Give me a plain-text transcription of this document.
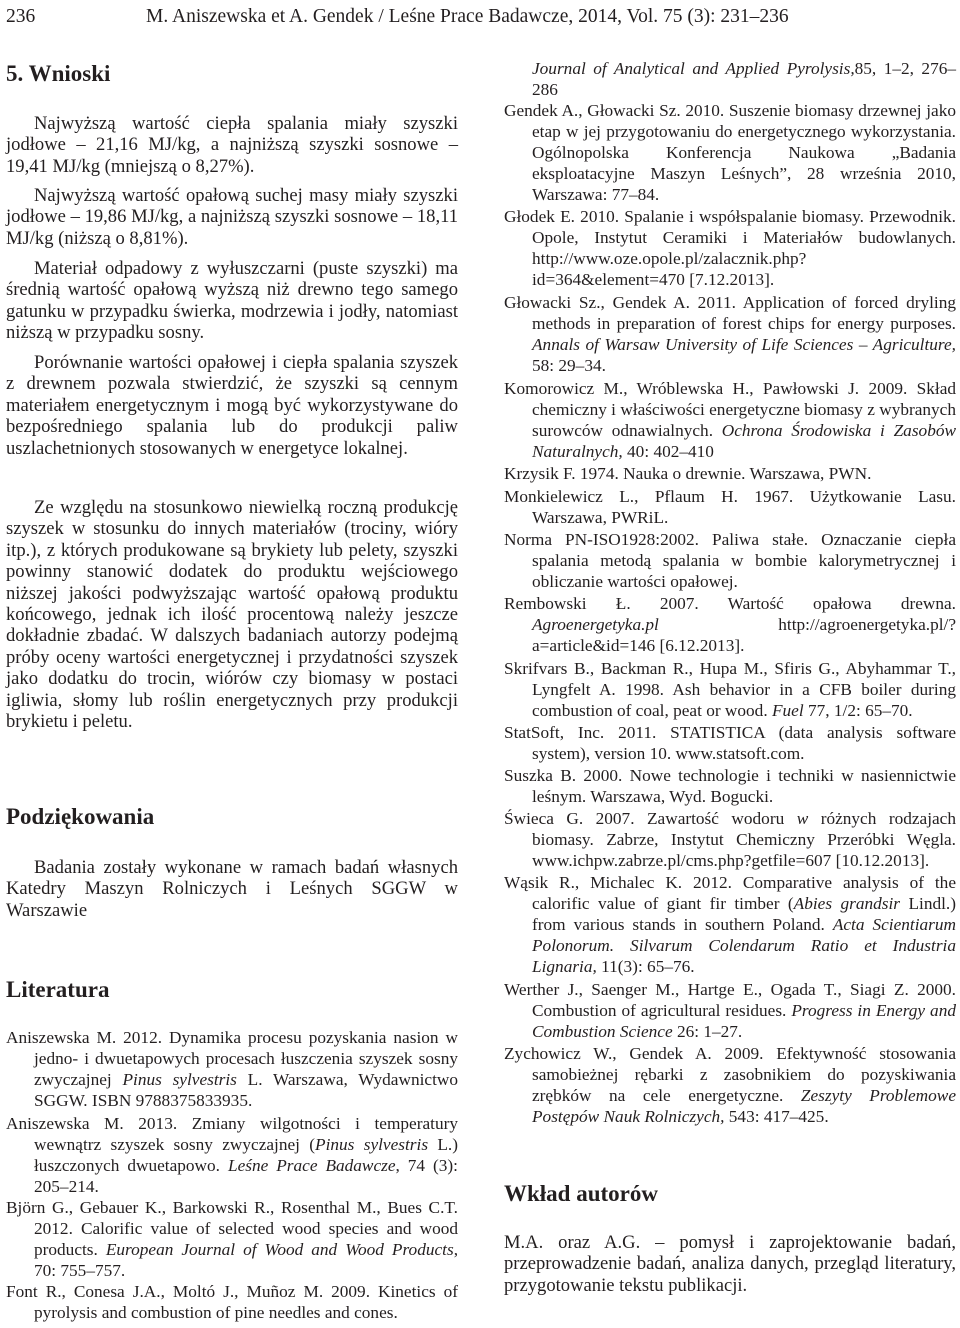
236	M. Aniszewska et A. Gendek / Leśne Prace Badawcze, 2014, Vol. 75 (3): 231–236
5. Wnioski

Najwyższą wartość ciepła spalania miały szyszki jodłowe – 21,16 MJ/kg, a najniższą szyszki sosnowe – 19,41 MJ/kg (mniejszą o 8,27%).

Najwyższą wartość opałową suchej masy miały szyszki jodłowe – 19,86 MJ/kg, a najniższą szyszki sosnowe – 18,11 MJ/kg (niższą o 8,81%).

Materiał odpadowy z wyłuszczarni (puste szyszki) ma średnią wartość opałową wyższą niż drewno tego samego gatunku w przypadku świerka, modrzewia i jodły, natomiast niższą w przypadku sosny.

Porównanie wartości opałowej i ciepła spalania szyszek z drewnem pozwala stwierdzić, że szyszki są cennym materiałem energetycznym i mogą być wykorzystywane do bezpośredniego spalania lub do produkcji paliw uszlachetnionych stosowanych w energetyce lokalnej.

Ze względu na stosunkowo niewielką roczną produkcję szyszek w stosunku do innych materiałów (trociny, wióry itp.), z których produkowane są brykiety lub pelety, szyszki powinny stanowić dodatek do produktu wejściowego niższej jakości podwyższając wartość opałową produktu końcowego, jednak ich ilość procentową należy jeszcze dokładnie zbadać. W dalszych badaniach autorzy podejmą próby oceny wartości energetycznej i przydatności szyszek jako dodatku do trocin, wiórów czy biomasy w postaci igliwia, słomy lub roślin energetycznych przy produkcji brykietu i peletu.

Podziękowania

Badania zostały wykonane w ramach badań własnych Katedry Maszyn Rolniczych i Leśnych SGGW w Warszawie

Literatura

Aniszewska M. 2012. Dynamika procesu pozyskania nasion w jedno- i dwuetapowych procesach łuszczenia szyszek sosny zwyczajnej Pinus sylvestris L. Warszawa, Wydawnictwo SGGW. ISBN 9788375833935.

Aniszewska M. 2013. Zmiany wilgotności i temperatury wewnątrz szyszek sosny zwyczajnej (Pinus sylvestris L.) łuszczonych dwuetapowo. Leśne Prace Badawcze, 74 (3): 205–214.

Björn G., Gebauer K., Barkowski R., Rosenthal M., Bues C.T. 2012. Calorific value of selected wood species and wood products. European Journal of Wood and Wood Products, 70: 755–757.

Font R., Conesa J.A., Moltó J., Muñoz M. 2009. Kinetics of pyrolysis and combustion of pine needles and cones.

Journal of Analytical and Applied Pyrolysis,85, 1–2, 276–286

Gendek A., Głowacki Sz. 2010. Suszenie biomasy drzewnej jako etap w jej przygotowaniu do energetycznego wykorzystania. Ogólnopolska Konferencja Naukowa „Badania eksploatacyjne Maszyn Leśnych”, 28 września 2010, Warszawa: 77–84.

Głodek E. 2010. Spalanie i współspalanie biomasy. Przewodnik. Opole, Instytut Ceramiki i Materiałów budowlanych. http://www.oze.opole.pl/zalacznik.php?id=364&element=470 [7.12.2013].

Głowacki Sz., Gendek A. 2011. Application of forced dryling methods in preparation of forest chips for energy purposes. Annals of Warsaw University of Life Sciences – Agriculture, 58: 29–34.

Komorowicz M., Wróblewska H., Pawłowski J. 2009. Skład chemiczny i właściwości energetyczne biomasy z wybranych surowców odnawialnych. Ochrona Środowiska i Zasobów Naturalnych, 40: 402–410

Krzysik F. 1974. Nauka o drewnie. Warszawa, PWN.

Monkielewicz L., Pflaum H. 1967. Użytkowanie Lasu. Warszawa, PWRiL.

Norma PN-ISO1928:2002. Paliwa stałe. Oznaczanie ciepła spalania metodą spalania w bombie kalorymetrycznej i obliczanie wartości opałowej.

Rembowski Ł. 2007. Wartość opałowa drewna. Agroenergetyka.pl http://agroenergetyka.pl/?a=article&id=146 [6.12.2013].

Skrifvars B., Backman R., Hupa M., Sfiris G., Abyhammar T., Lyngfelt A. 1998. Ash behavior in a CFB boiler during combustion of coal, peat or wood. Fuel 77, 1/2: 65–70.

StatSoft, Inc. 2011. STATISTICA (data analysis software system), version 10. www.statsoft.com.

Suszka B. 2000. Nowe technologie i techniki w nasiennictwie leśnym. Warszawa, Wyd. Bogucki.

Świeca G. 2007. Zawartość wodoru w różnych rodzajach biomasy. Zabrze, Instytut Chemiczny Przeróbki Węgla. www.ichpw.zabrze.pl/cms.php?getfile=607 [10.12.2013].

Wąsik R., Michalec K. 2012. Comparative analysis of the calorific value of giant fir timber (Abies grandsir Lindl.) from various stands in southern Poland. Acta Scientiarum Polonorum. Silvarum Colendarum Ratio et Industria Lignaria, 11(3): 65–76.

Werther J., Saenger M., Hartge E., Ogada T., Siagi Z. 2000. Combustion of agricultural residues. Progress in Energy and Combustion Science 26: 1–27.

Zychowicz W., Gendek A. 2009. Efektywność stosowania samobieżnej rębarki z zasobnikiem do pozyskiwania zrębków na cele energetyczne. Zeszyty Problemowe Postępów Nauk Rolniczych, 543: 417–425.

Wkład autorów

M.A. oraz A.G. – pomysł i zaprojektowanie badań, przeprowadzenie badań, analiza danych, przegląd literatury, przygotowanie tekstu publikacji.
